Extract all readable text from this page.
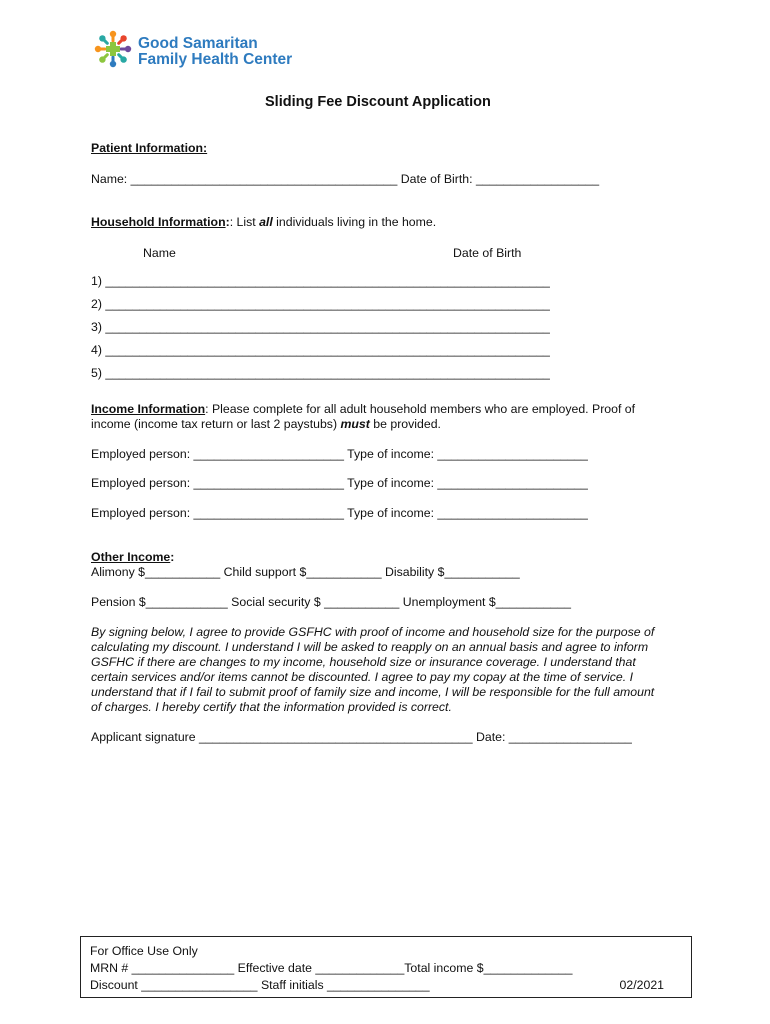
Good Samaritan
Family Health Center
Sliding Fee Discount Application
Patient Information:
Name: _______________________________________ Date of Birth: __________________
Household Information:: List all individuals living in the home.
Name	Date of Birth
1) _________________________________________________________________
2) _________________________________________________________________
3) _________________________________________________________________
4) _________________________________________________________________
5) _________________________________________________________________
Income Information: Please complete for all adult household members who are employed. Proof of
income (income tax return or last 2 paystubs) must be provided.
Employed person: ______________________ Type of income: ______________________
Employed person: ______________________ Type of income: ______________________
Employed person: ______________________ Type of income: ______________________
Other Income:
Alimony $___________ Child support $___________ Disability $___________
Pension $____________ Social security $ ___________ Unemployment $___________
By signing below, I agree to provide GSFHC with proof of income and household size for the purpose of
calculating my discount. I understand I will be asked to reapply on an annual basis and agree to inform
GSFHC if there are changes to my income, household size or insurance coverage. I understand that
certain services and/or items cannot be discounted. I agree to pay my copay at the time of service. I
understand that if I fail to submit proof of family size and income, I will be responsible for the full amount
of charges. I hereby certify that the information provided is correct.
Applicant signature ________________________________________ Date: __________________
For Office Use Only
MRN # _______________ Effective date _____________Total income $_____________
Discount _________________ Staff initials _______________	02/2021
